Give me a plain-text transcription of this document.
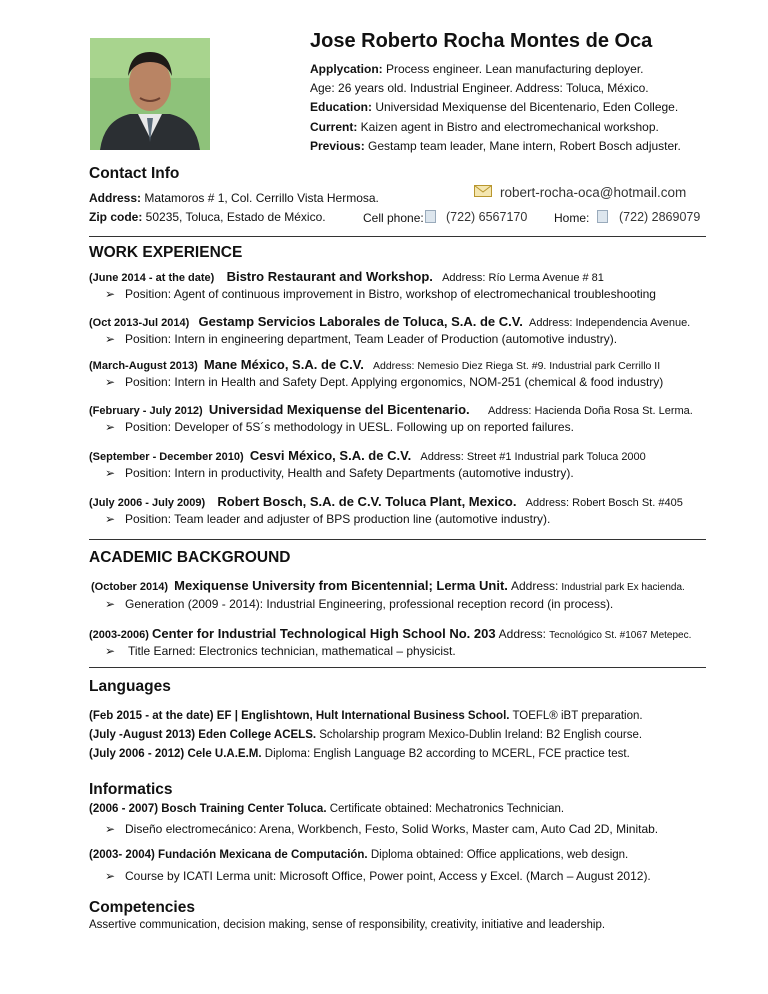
Jose Roberto Rocha Montes de Oca
Applycation: Process engineer. Lean manufacturing deployer.
Age: 26 years old. Industrial Engineer. Address: Toluca, México.
Education: Universidad Mexiquense del Bicentenario, Eden College.
Current: Kaizen agent in Bistro and electromechanical workshop.
Previous: Gestamp team leader, Mane intern, Robert Bosch adjuster.
Contact Info
Address: Matamoros # 1, Col. Cerrillo Vista Hermosa.
Zip code: 50235, Toluca, Estado de México.	Cell phone:	(722) 6567170 Home:	(722) 2869079
robert-rocha-oca@hotmail.com
WORK EXPERIENCE
(June 2014 - at the date) Bistro Restaurant and Workshop. Address: Río Lerma Avenue # 81
➢ Position: Agent of continuous improvement in Bistro, workshop of electromechanical troubleshooting
(Oct 2013-Jul 2014) Gestamp Servicios Laborales de Toluca, S.A. de C.V. Address: Independencia Avenue.
➢ Position: Intern in engineering department, Team Leader of Production (automotive industry).
(March-August 2013) Mane México, S.A. de C.V. Address: Nemesio Diez Riega St. #9. Industrial park Cerrillo II
➢ Position: Intern in Health and Safety Dept. Applying ergonomics, NOM-251 (chemical & food industry)
(February - July 2012) Universidad Mexiquense del Bicentenario. Address: Hacienda Doña Rosa St. Lerma.
➢ Position: Developer of 5S´s methodology in UESL. Following up on reported failures.
(September - December 2010) Cesvi México, S.A. de C.V. Address: Street #1 Industrial park Toluca 2000
➢ Position: Intern in productivity, Health and Safety Departments (automotive industry).
(July 2006 - July 2009) Robert Bosch, S.A. de C.V. Toluca Plant, Mexico. Address: Robert Bosch St. #405
➢ Position: Team leader and adjuster of BPS production line (automotive industry).
ACADEMIC BACKGROUND
(October 2014) Mexiquense University from Bicentennial; Lerma Unit. Address: Industrial park Ex hacienda.
➢ Generation (2009 - 2014): Industrial Engineering, professional reception record (in process).
(2003-2006) Center for Industrial Technological High School No. 203 Address: Tecnológico St. #1067 Metepec.
➢ Title Earned: Electronics technician, mathematical – physicist.
Languages
(Feb 2015 - at the date) EF | Englishtown, Hult International Business School. TOEFL® iBT preparation.
(July -August 2013) Eden College ACELS. Scholarship program Mexico-Dublin Ireland: B2 English course.
(July 2006 - 2012) Cele U.A.E.M. Diploma: English Language B2 according to MCERL, FCE practice test.
Informatics
(2006 - 2007) Bosch Training Center Toluca. Certificate obtained: Mechatronics Technician.
➢ Diseño electromecánico: Arena, Workbench, Festo, Solid Works, Master cam, Auto Cad 2D, Minitab.
(2003- 2004) Fundación Mexicana de Computación. Diploma obtained: Office applications, web design.
➢ Course by ICATI Lerma unit: Microsoft Office, Power point, Access y Excel. (March – August 2012).
Competencies
Assertive communication, decision making, sense of responsibility, creativity, initiative and leadership.
